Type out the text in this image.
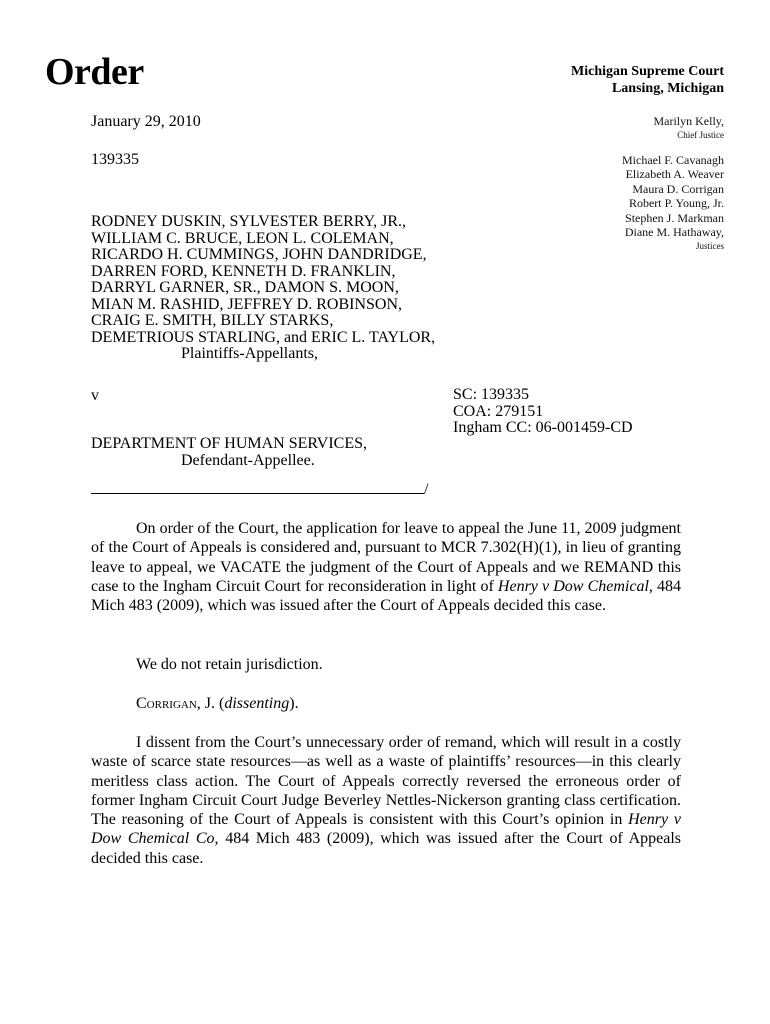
Order	Michigan Supreme Court
Lansing, Michigan
January 29, 2010
139335
Marilyn Kelly,
Chief Justice
Michael F. Cavanagh
Elizabeth A. Weaver
Maura D. Corrigan
Robert P. Young, Jr.
Stephen J. Markman
Diane M. Hathaway,
Justices
RODNEY DUSKIN, SYLVESTER BERRY, JR., WILLIAM C. BRUCE, LEON L. COLEMAN, RICARDO H. CUMMINGS, JOHN DANDRIDGE, DARREN FORD, KENNETH D. FRANKLIN, DARRYL GARNER, SR., DAMON S. MOON, MIAN M. RASHID, JEFFREY D. ROBINSON, CRAIG E. SMITH, BILLY STARKS, DEMETRIOUS STARLING, and ERIC L. TAYLOR,
Plaintiffs-Appellants,
v	SC: 139335
COA: 279151
Ingham CC: 06-001459-CD
DEPARTMENT OF HUMAN SERVICES,
Defendant-Appellee.
/
On order of the Court, the application for leave to appeal the June 11, 2009 judgment of the Court of Appeals is considered and, pursuant to MCR 7.302(H)(1), in lieu of granting leave to appeal, we VACATE the judgment of the Court of Appeals and we REMAND this case to the Ingham Circuit Court for reconsideration in light of Henry v Dow Chemical, 484 Mich 483 (2009), which was issued after the Court of Appeals decided this case.
We do not retain jurisdiction.
Corrigan, J. (dissenting).
I dissent from the Court’s unnecessary order of remand, which will result in a costly waste of scarce state resources—as well as a waste of plaintiffs’ resources—in this clearly meritless class action. The Court of Appeals correctly reversed the erroneous order of former Ingham Circuit Court Judge Beverley Nettles-Nickerson granting class certification. The reasoning of the Court of Appeals is consistent with this Court’s opinion in Henry v Dow Chemical Co, 484 Mich 483 (2009), which was issued after the Court of Appeals decided this case.
